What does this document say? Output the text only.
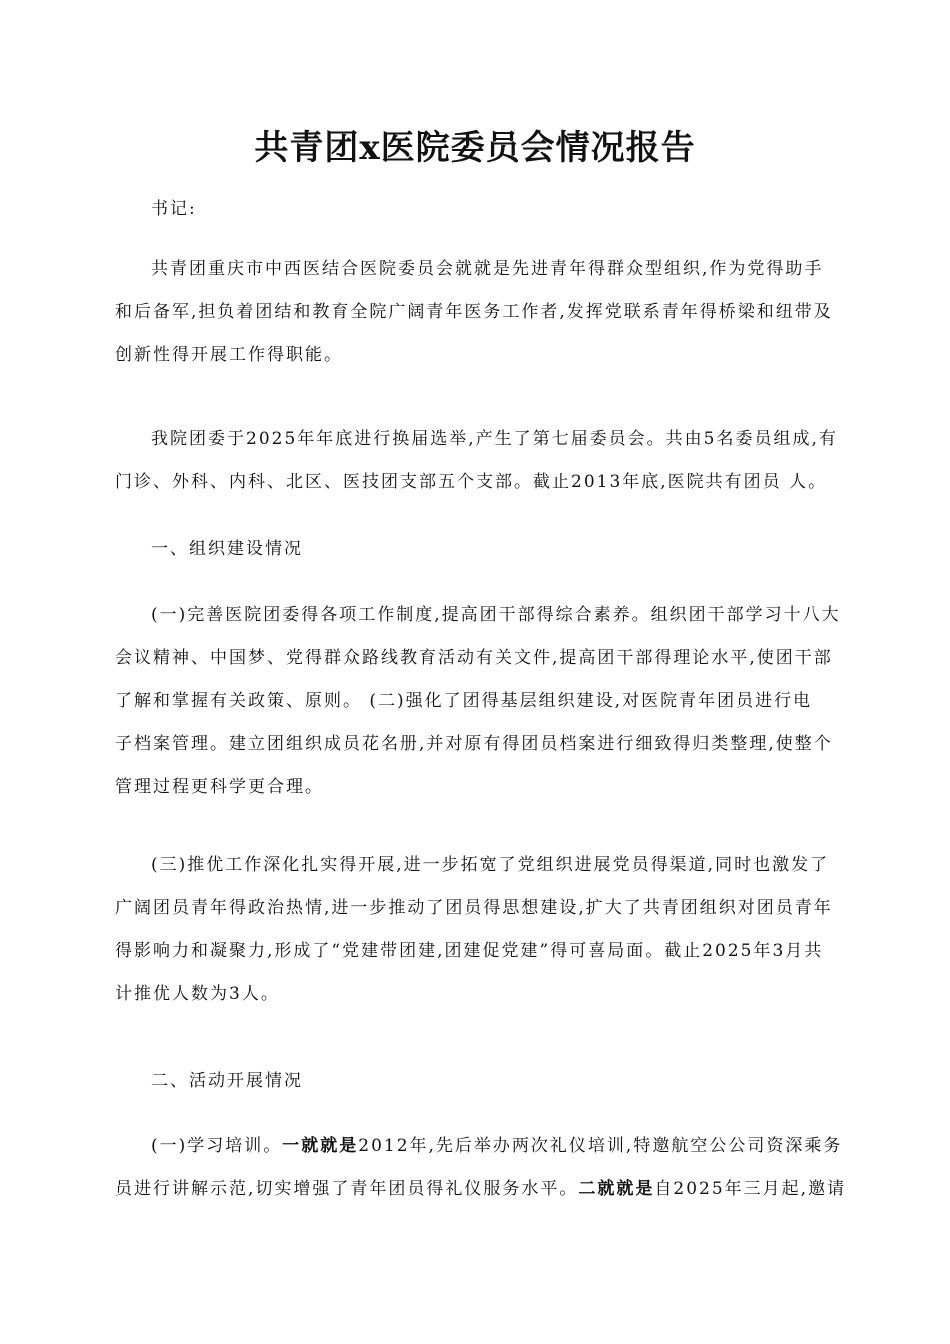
共青团x医院委员会情况报告
书记:
共青团重庆市中西医结合医院委员会就就是先进青年得群众型组织,作为党得助手
和后备军,担负着团结和教育全院广阔青年医务工作者,发挥党联系青年得桥梁和纽带及
创新性得开展工作得职能。
我院团委于2025年年底进行换届选举,产生了第七届委员会。共由5名委员组成,有
门诊、外科、内科、北区、医技团支部五个支部。截止2013年底,医院共有团员 人。
一、组织建设情况
(一)完善医院团委得各项工作制度,提高团干部得综合素养。组织团干部学习十八大
会议精神、中国梦、党得群众路线教育活动有关文件,提高团干部得理论水平,使团干部
了解和掌握有关政策、原则。 (二)强化了团得基层组织建设,对医院青年团员进行电
子档案管理。建立团组织成员花名册,并对原有得团员档案进行细致得归类整理,使整个
管理过程更科学更合理。
(三)推优工作深化扎实得开展,进一步拓宽了党组织进展党员得渠道,同时也激发了
广阔团员青年得政治热情,进一步推动了团员得思想建设,扩大了共青团组织对团员青年
得影响力和凝聚力,形成了“党建带团建,团建促党建”得可喜局面。截止2025年3月共
计推优人数为3人。
二、活动开展情况
(一)学习培训。一就就是2012年,先后举办两次礼仪培训,特邀航空公公司资深乘务
员进行讲解示范,切实增强了青年团员得礼仪服务水平。二就就是自2025年三月起,邀请
